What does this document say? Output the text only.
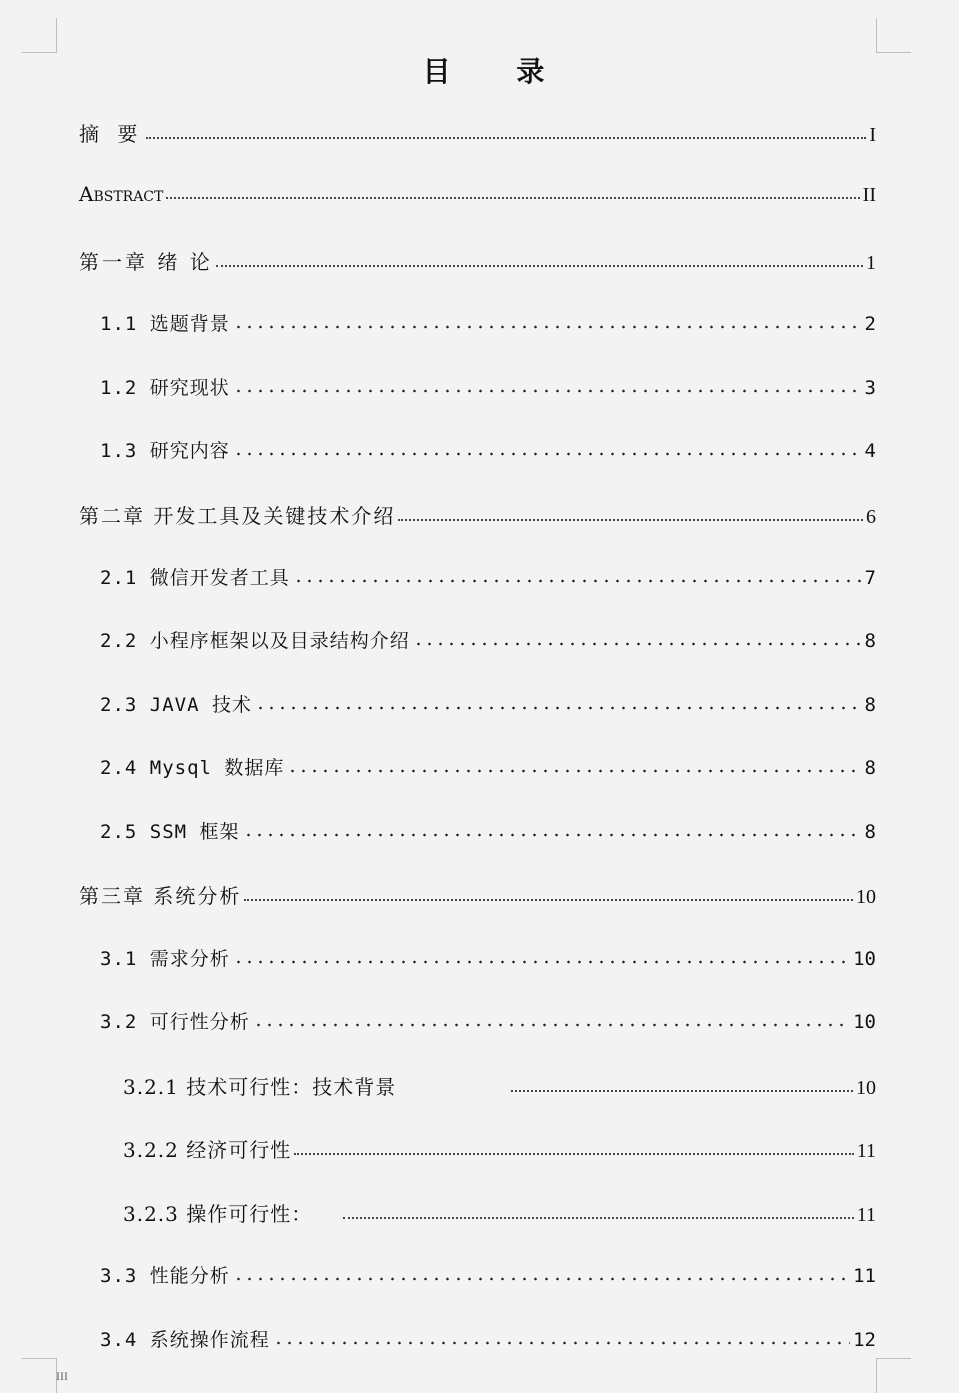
目 录
摘 要	I
Abstract	II
第一章 绪 论	1
1.1 选题背景	2
1.2 研究现状	3
1.3 研究内容	4
第二章 开发工具及关键技术介绍	6
2.1 微信开发者工具	7
2.2 小程序框架以及目录结构介绍	8
2.3 JAVA 技术	8
2.4 Mysql 数据库	8
2.5 SSM 框架	8
第三章 系统分析	10
3.1 需求分析	10
3.2 可行性分析	10
3.2.1 技术可行性：技术背景	10
3.2.2 经济可行性	11
3.2.3 操作可行性：	11
3.3 性能分析	11
3.4 系统操作流程	12
III
